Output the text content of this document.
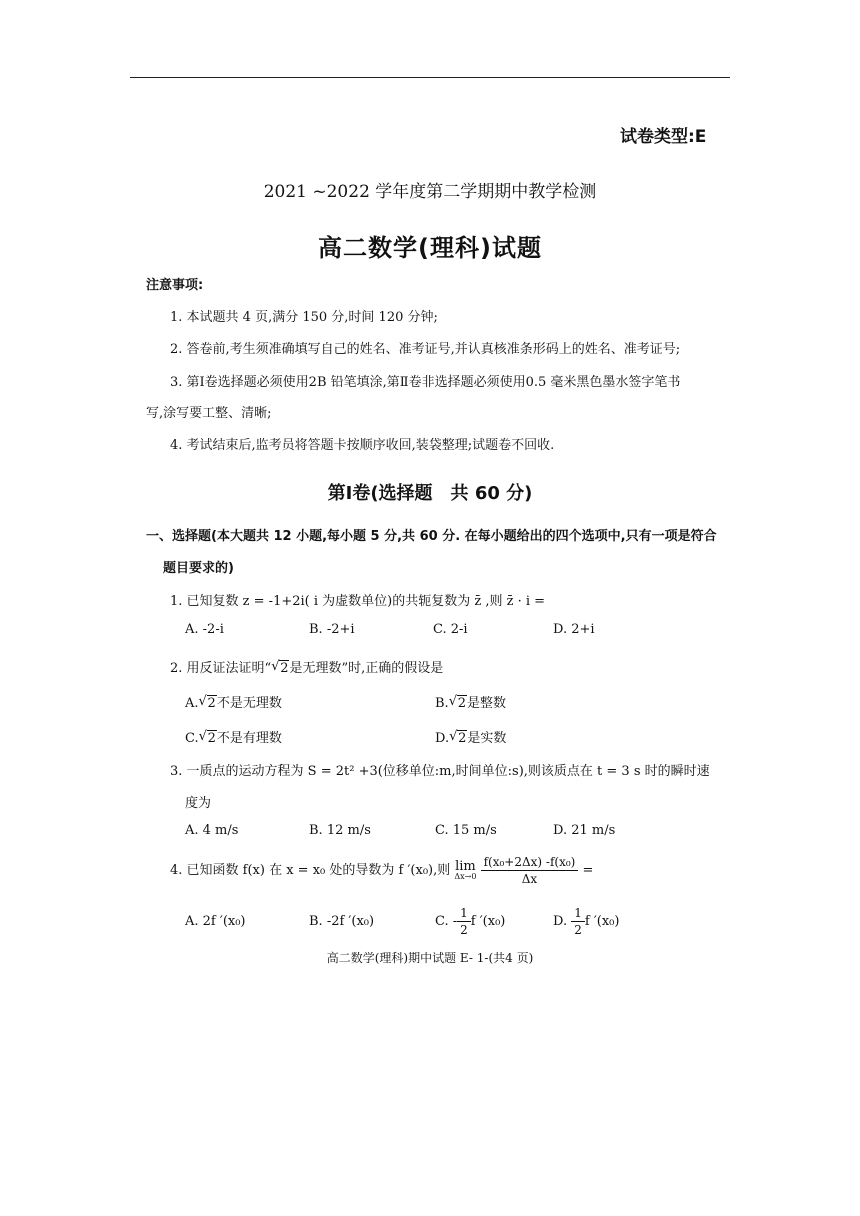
试卷类型:E
2021 ~2022 学年度第二学期期中教学检测
高二数学(理科)试题
注意事项:
1. 本试题共 4 页,满分 150 分,时间 120 分钟;
2. 答卷前,考生须准确填写自己的姓名、准考证号,并认真核准条形码上的姓名、准考证号;
3. 第Ⅰ卷选择题必须使用2B 铅笔填涂,第Ⅱ卷非选择题必须使用0.5 毫米黑色墨水签字笔书
写,涂写要工整、清晰;
4. 考试结束后,监考员将答题卡按顺序收回,装袋整理;试题卷不回收.
第Ⅰ卷(选择题　共 60 分)
一、选择题(本大题共 12 小题,每小题 5 分,共 60 分. 在每小题给出的四个选项中,只有一项是符合
题目要求的)
1. 已知复数 z = -1+2i( i 为虚数单位)的共轭复数为 z̄ ,则 z̄ · i =
A. -2-i	B. -2+i	C. 2-i	D. 2+i
2. 用反证法证明“ √ 2是无理数”时,正确的假设是
A. √ 2不是无理数	B. √ 2是整数
C. √ 2不是有理数	D. √ 2是实数
3. 一质点的运动方程为 S = 2t² +3(位移单位:m,时间单位:s),则该质点在 t = 3 s 时的瞬时速
度为
A. 4 m/s	B. 12 m/s	C. 15 m/s	D. 21 m/s
4. 已知函数 f(x) 在 x = x₀ 处的导数为 f ′(x₀),则 lim
Δx→0
$\frac{\text{f(x₀+2Δx) -f(x₀)}}{\Delta x}$ =
A. 2f ′(x₀)	B. -2f ′(x₀)	C. - $\frac{1}{2}$ f ′(x₀)	D. $\frac{1}{2}$ f ′(x₀)
高二数学(理科)期中试题 E- 1-(共4 页)
